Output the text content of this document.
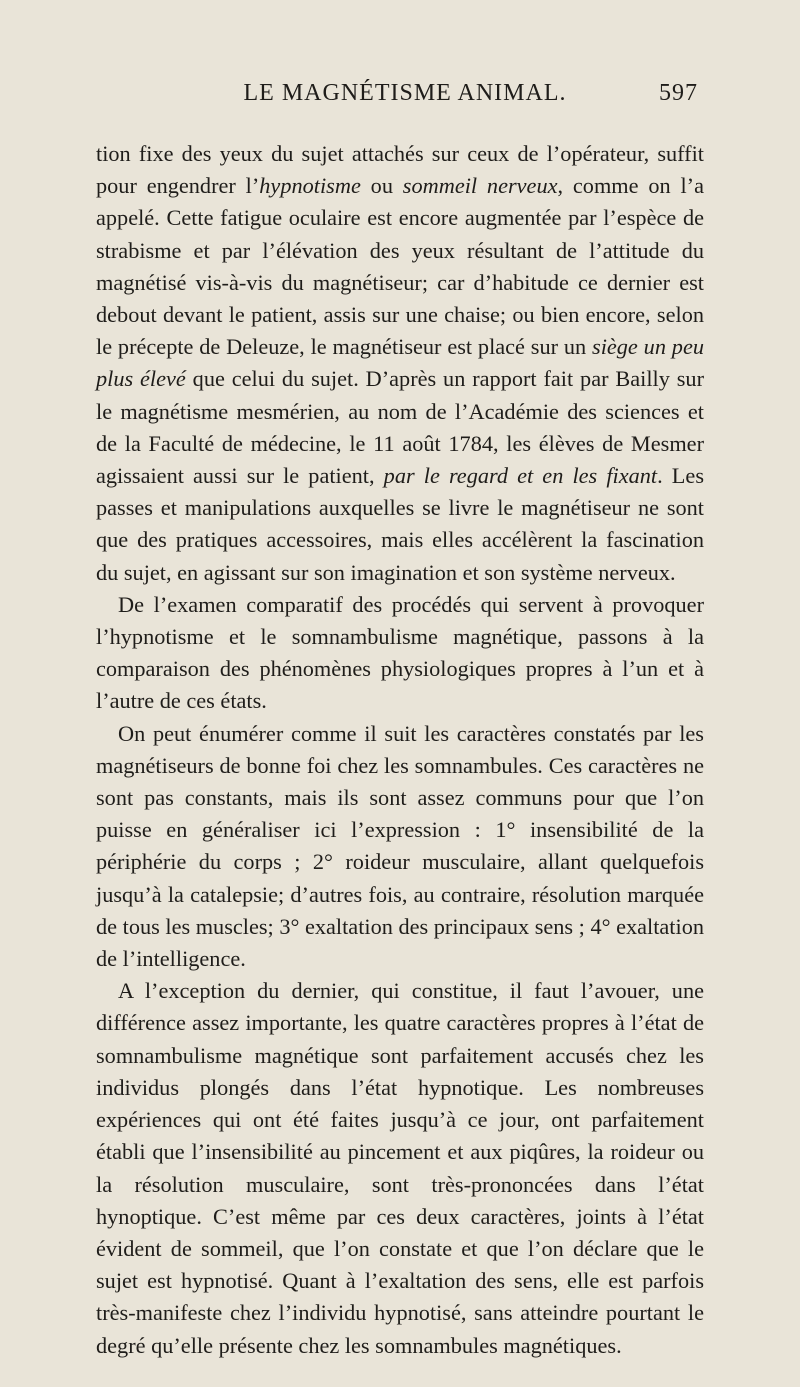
LE MAGNÉTISME ANIMAL.	597

tion fixe des yeux du sujet attachés sur ceux de l’opérateur, suffit pour engendrer l’hypnotisme ou sommeil nerveux, comme on l’a appelé. Cette fatigue oculaire est encore augmentée par l’espèce de strabisme et par l’élévation des yeux résultant de l’attitude du magnétisé vis-à-vis du magnétiseur; car d’habitude ce dernier est debout devant le patient, assis sur une chaise; ou bien encore, selon le précepte de Deleuze, le magnétiseur est placé sur un siège un peu plus élevé que celui du sujet. D’après un rapport fait par Bailly sur le magnétisme mesmérien, au nom de l’Académie des sciences et de la Faculté de médecine, le 11 août 1784, les élèves de Mesmer agissaient aussi sur le patient, par le regard et en les fixant. Les passes et manipulations auxquelles se livre le magnétiseur ne sont que des pratiques accessoires, mais elles accélèrent la fascination du sujet, en agissant sur son imagination et son système nerveux.

De l’examen comparatif des procédés qui servent à provoquer l’hypnotisme et le somnambulisme magnétique, passons à la comparaison des phénomènes physiologiques propres à l’un et à l’autre de ces états.

On peut énumérer comme il suit les caractères constatés par les magnétiseurs de bonne foi chez les somnambules. Ces caractères ne sont pas constants, mais ils sont assez communs pour que l’on puisse en généraliser ici l’expression : 1° insensibilité de la périphérie du corps ; 2° roideur musculaire, allant quelquefois jusqu’à la catalepsie; d’autres fois, au contraire, résolution marquée de tous les muscles; 3° exaltation des principaux sens ; 4° exaltation de l’intelligence.

A l’exception du dernier, qui constitue, il faut l’avouer, une différence assez importante, les quatre caractères propres à l’état de somnambulisme magnétique sont parfaitement accusés chez les individus plongés dans l’état hypnotique. Les nombreuses expériences qui ont été faites jusqu’à ce jour, ont parfaitement établi que l’insensibilité au pincement et aux piqûres, la roideur ou la résolution musculaire, sont très-prononcées dans l’état hynoptique. C’est même par ces deux caractères, joints à l’état évident de sommeil, que l’on constate et que l’on déclare que le sujet est hypnotisé. Quant à l’exaltation des sens, elle est parfois très-manifeste chez l’individu hypnotisé, sans atteindre pourtant le degré qu’elle présente chez les somnambules magnétiques.
